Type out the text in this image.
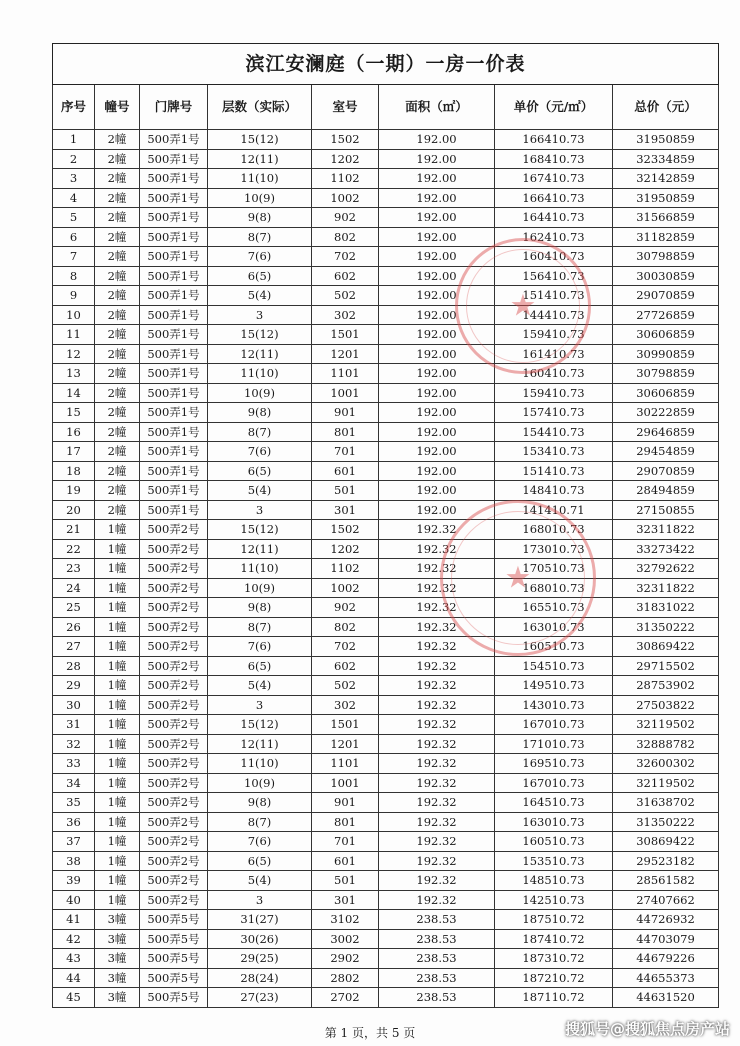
滨江安澜庭（一期）一房一价表							
序号	幢号	门牌号	层数（实际）	室号	面积（㎡）	单价（元/㎡）	总价（元）
1	2幢	500弄1号	15(12)	1502	192.00	166410.73	31950859
2	2幢	500弄1号	12(11)	1202	192.00	168410.73	32334859
3	2幢	500弄1号	11(10)	1102	192.00	167410.73	32142859
4	2幢	500弄1号	10(9)	1002	192.00	166410.73	31950859
5	2幢	500弄1号	9(8)	902	192.00	164410.73	31566859
6	2幢	500弄1号	8(7)	802	192.00	162410.73	31182859
7	2幢	500弄1号	7(6)	702	192.00	160410.73	30798859
8	2幢	500弄1号	6(5)	602	192.00	156410.73	30030859
9	2幢	500弄1号	5(4)	502	192.00	151410.73	29070859
10	2幢	500弄1号	3	302	192.00	144410.73	27726859
11	2幢	500弄1号	15(12)	1501	192.00	159410.73	30606859
12	2幢	500弄1号	12(11)	1201	192.00	161410.73	30990859
13	2幢	500弄1号	11(10)	1101	192.00	160410.73	30798859
14	2幢	500弄1号	10(9)	1001	192.00	159410.73	30606859
15	2幢	500弄1号	9(8)	901	192.00	157410.73	30222859
16	2幢	500弄1号	8(7)	801	192.00	154410.73	29646859
17	2幢	500弄1号	7(6)	701	192.00	153410.73	29454859
18	2幢	500弄1号	6(5)	601	192.00	151410.73	29070859
19	2幢	500弄1号	5(4)	501	192.00	148410.73	28494859
20	2幢	500弄1号	3	301	192.00	141410.71	27150855
21	1幢	500弄2号	15(12)	1502	192.32	168010.73	32311822
22	1幢	500弄2号	12(11)	1202	192.32	173010.73	33273422
23	1幢	500弄2号	11(10)	1102	192.32	170510.73	32792622
24	1幢	500弄2号	10(9)	1002	192.32	168010.73	32311822
25	1幢	500弄2号	9(8)	902	192.32	165510.73	31831022
26	1幢	500弄2号	8(7)	802	192.32	163010.73	31350222
27	1幢	500弄2号	7(6)	702	192.32	160510.73	30869422
28	1幢	500弄2号	6(5)	602	192.32	154510.73	29715502
29	1幢	500弄2号	5(4)	502	192.32	149510.73	28753902
30	1幢	500弄2号	3	302	192.32	143010.73	27503822
31	1幢	500弄2号	15(12)	1501	192.32	167010.73	32119502
32	1幢	500弄2号	12(11)	1201	192.32	171010.73	32888782
33	1幢	500弄2号	11(10)	1101	192.32	169510.73	32600302
34	1幢	500弄2号	10(9)	1001	192.32	167010.73	32119502
35	1幢	500弄2号	9(8)	901	192.32	164510.73	31638702
36	1幢	500弄2号	8(7)	801	192.32	163010.73	31350222
37	1幢	500弄2号	7(6)	701	192.32	160510.73	30869422
38	1幢	500弄2号	6(5)	601	192.32	153510.73	29523182
39	1幢	500弄2号	5(4)	501	192.32	148510.73	28561582
40	1幢	500弄2号	3	301	192.32	142510.73	27407662
41	3幢	500弄5号	31(27)	3102	238.53	187510.72	44726932
42	3幢	500弄5号	30(26)	3002	238.53	187410.72	44703079
43	3幢	500弄5号	29(25)	2902	238.53	187310.72	44679226
44	3幢	500弄5号	28(24)	2802	238.53	187210.72	44655373
45	3幢	500弄5号	27(23)	2702	238.53	187110.72	44631520
★
★
第 1 页，共 5 页	搜狐号@搜狐焦点房产站
